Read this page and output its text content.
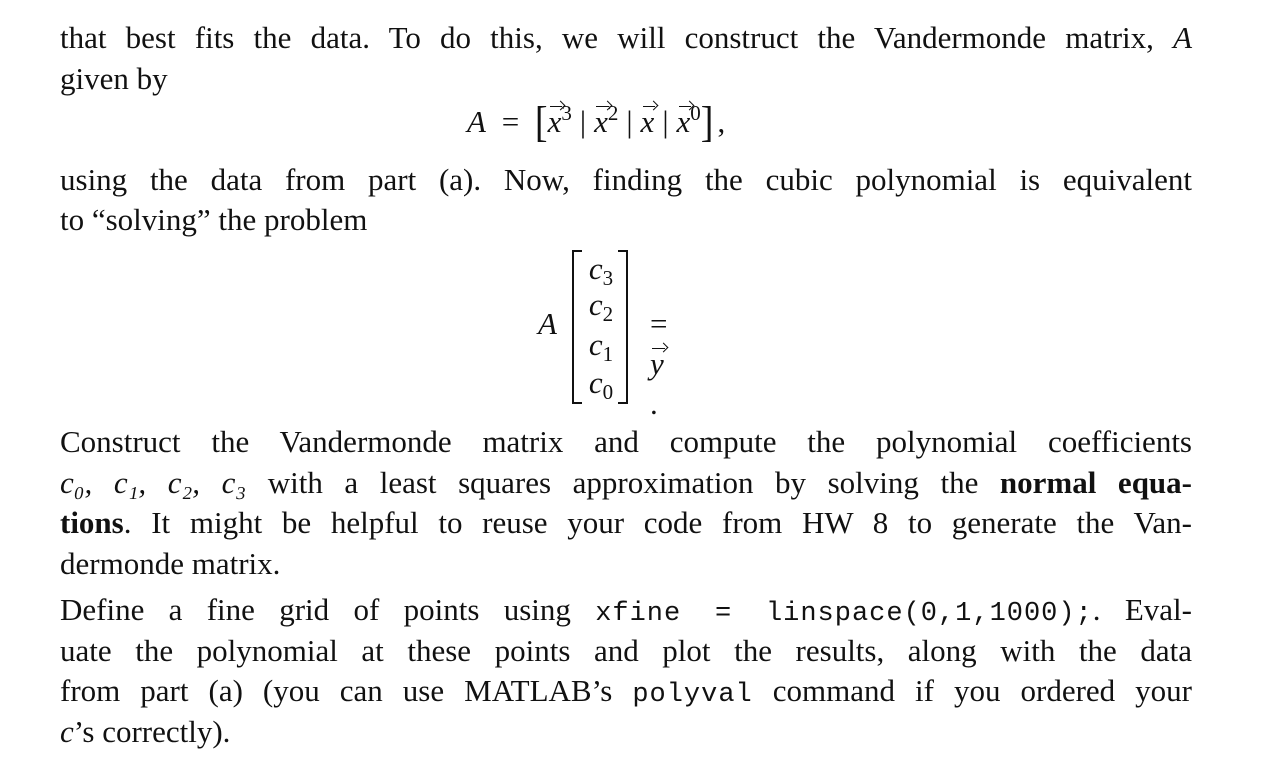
that best fits the data. To do this, we will construct the Vandermonde matrix, A
given by
$A = [x^3$ | $x^2$ | x | $x^0$] ,
using the data from part (a). Now, finding the cubic polynomial is equivalent
to “solving” the problem
A
$c_3$
$c_2$
$c_1$
$c_0$
= y.
Construct the Vandermonde matrix and compute the polynomial coefficients
c₀, c₁, c₂, c₃ with a least squares approximation by solving the normal equa-
tions. It might be helpful to reuse your code from HW 8 to generate the Van-
dermonde matrix.
Define a fine grid of points using xfine = linspace(0,1,1000);. Eval-
uate the polynomial at these points and plot the results, along with the data
from part (a) (you can use MATLAB’s polyval command if you ordered your
c’s correctly).
